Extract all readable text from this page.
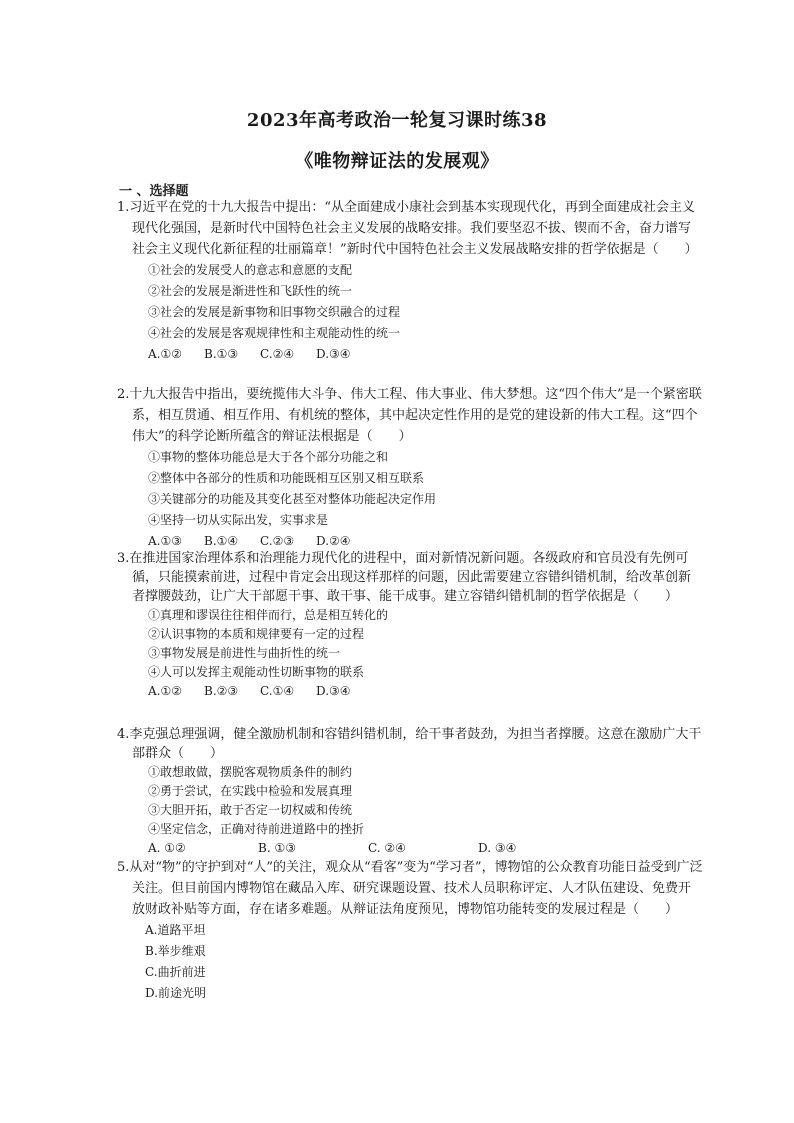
2023年高考政治一轮复习课时练38
《唯物辩证法的发展观》
一 、选择题

1.习近平在党的十九大报告中提出：“从全面建成小康社会到基本实现现代化，再到全面建成社会主义现代化强国，是新时代中国特色社会主义发展的战略安排。我们要坚忍不拔、锲而不舍，奋力谱写社会主义现代化新征程的壮丽篇章！”新时代中国特色社会主义发展战略安排的哲学依据是（　　）

①社会的发展受人的意志和意愿的支配
②社会的发展是渐进性和飞跃性的统一
③社会的发展是新事物和旧事物交织融合的过程
④社会的发展是客观规律性和主观能动性的统一
A.①② B.①③ C.②④ D.③④

2.十九大报告中指出，要统揽伟大斗争、伟大工程、伟大事业、伟大梦想。这“四个伟大”是一个紧密联系，相互贯通、相互作用、有机统的整体，其中起决定性作用的是党的建设新的伟大工程。这“四个伟大”的科学论断所蕴含的辩证法根据是（　　）

①事物的整体功能总是大于各个部分功能之和
②整体中各部分的性质和功能既相互区别又相互联系
③关键部分的功能及其变化甚至对整体功能起决定作用
④坚持一切从实际出发，实事求是
A.①③ B.①④ C.②③ D.②④

3.在推进国家治理体系和治理能力现代化的进程中，面对新情况新问题。各级政府和官员没有先例可循，只能摸索前进，过程中肯定会出现这样那样的问题，因此需要建立容错纠错机制，给改革创新者撑腰鼓劲，让广大干部愿干事、敢干事、能干成事。建立容错纠错机制的哲学依据是（　　）

①真理和谬误往往相伴而行，总是相互转化的
②认识事物的本质和规律要有一定的过程
③事物发展是前进性与曲折性的统一
④人可以发挥主观能动性切断事物的联系
A.①② B.②③ C.①④ D.③④

4.李克强总理强调，健全激励机制和容错纠错机制，给干事者鼓劲，为担当者撑腰。这意在激励广大干部群众（　　）

①敢想敢做，摆脱客观物质条件的制约
②勇于尝试，在实践中检验和发展真理
③大胆开拓，敢于否定一切权威和传统
④坚定信念，正确对待前进道路中的挫折
A. ①②	B. ①③	C. ②④	D. ③④

5.从对“物”的守护到对“人”的关注，观众从“看客”变为“学习者”，博物馆的公众教育功能日益受到广泛关注。但目前国内博物馆在藏品入库、研究课题设置、技术人员职称评定、人才队伍建设、免费开放财政补贴等方面，存在诸多难题。从辩证法角度预见，博物馆功能转变的发展过程是（　　）

A.道路平坦
B.举步维艰
C.曲折前进
D.前途光明
